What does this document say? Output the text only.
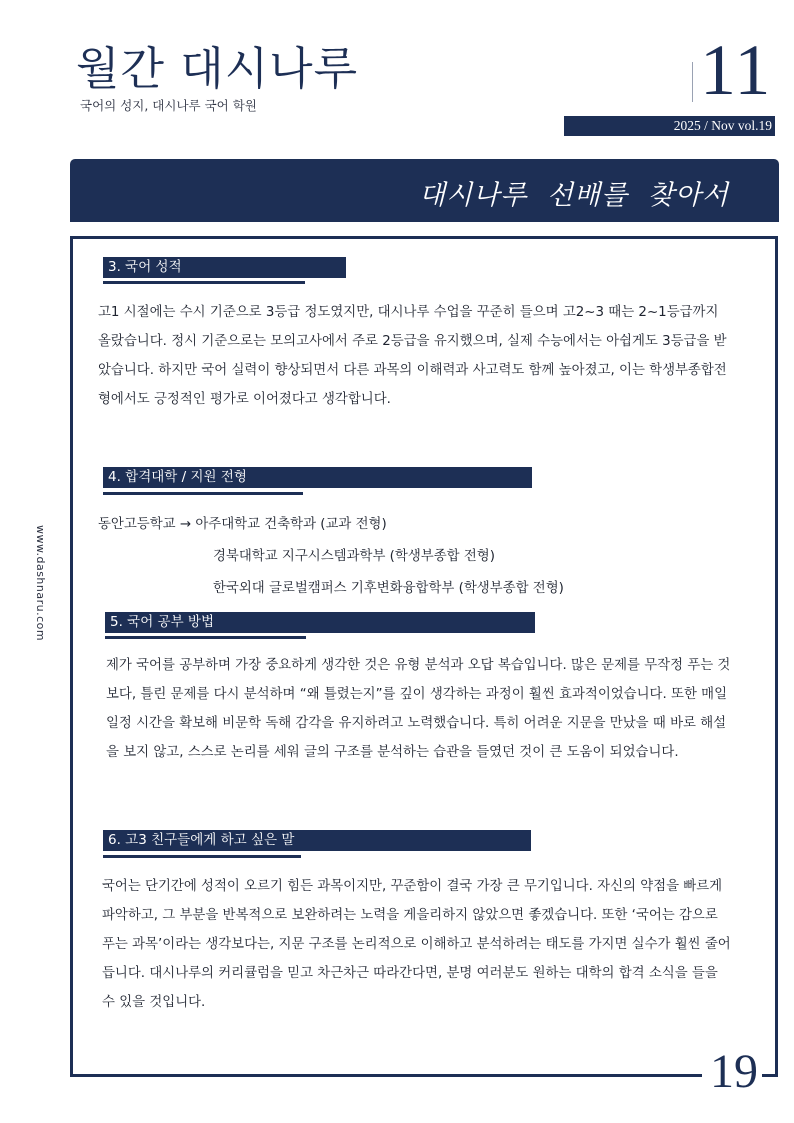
월간 대시나루
국어의 성지, 대시나루 국어 학원	11
2025 / Nov vol.19
대시나루 선배를 찾아서
www.dashnaru.com
3. 국어 성적

고1 시절에는 수시 기준으로 3등급 정도였지만, 대시나루 수업을 꾸준히 들으며 고2~3 때는 2~1등급까지 올랐습니다. 정시 기준으로는 모의고사에서 주로 2등급을 유지했으며, 실제 수능에서는 아쉽게도 3등급을 받았습니다. 하지만 국어 실력이 향상되면서 다른 과목의 이해력과 사고력도 함께 높아졌고, 이는 학생부종합전형에서도 긍정적인 평가로 이어졌다고 생각합니다.

4. 합격대학 / 지원 전형
동안고등학교 → 아주대학교 건축학과 (교과 전형)
경북대학교 지구시스템과학부 (학생부종합 전형)
한국외대 글로벌캠퍼스 기후변화융합학부 (학생부종합 전형)
5. 국어 공부 방법

제가 국어를 공부하며 가장 중요하게 생각한 것은 유형 분석과 오답 복습입니다. 많은 문제를 무작정 푸는 것보다, 틀린 문제를 다시 분석하며 “왜 틀렸는지”를 깊이 생각하는 과정이 훨씬 효과적이었습니다. 또한 매일 일정 시간을 확보해 비문학 독해 감각을 유지하려고 노력했습니다. 특히 어려운 지문을 만났을 때 바로 해설을 보지 않고, 스스로 논리를 세워 글의 구조를 분석하는 습관을 들였던 것이 큰 도움이 되었습니다.

6. 고3 친구들에게 하고 싶은 말

국어는 단기간에 성적이 오르기 힘든 과목이지만, 꾸준함이 결국 가장 큰 무기입니다. 자신의 약점을 빠르게 파악하고, 그 부분을 반복적으로 보완하려는 노력을 게을리하지 않았으면 좋겠습니다. 또한 ‘국어는 감으로 푸는 과목’이라는 생각보다는, 지문 구조를 논리적으로 이해하고 분석하려는 태도를 가지면 실수가 훨씬 줄어듭니다. 대시나루의 커리큘럼을 믿고 차근차근 따라간다면, 분명 여러분도 원하는 대학의 합격 소식을 들을 수 있을 것입니다.

19
